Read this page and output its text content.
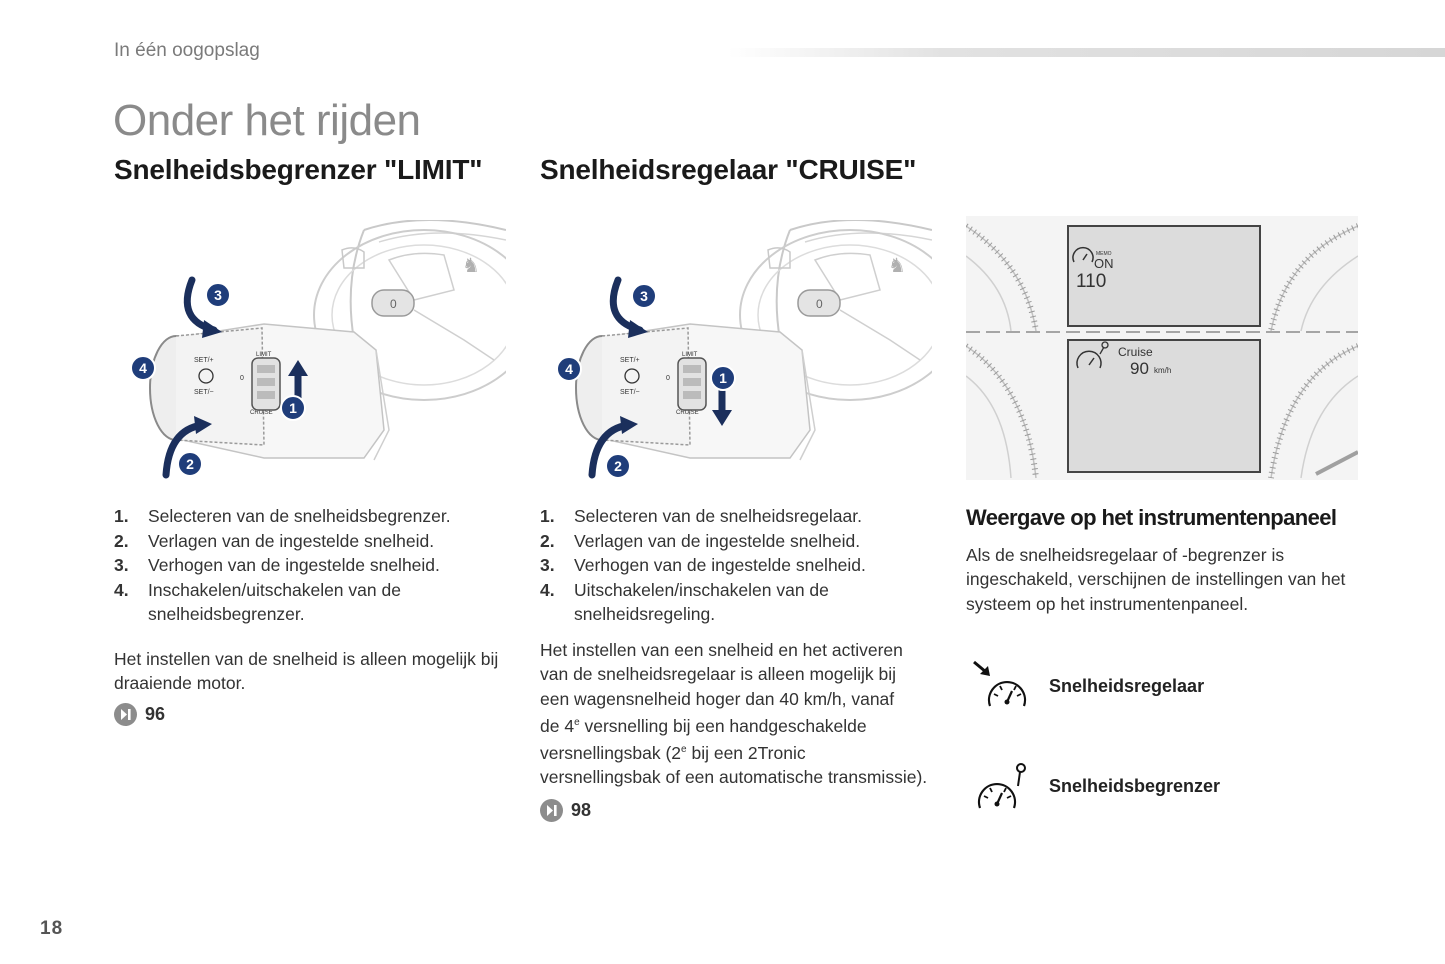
In één oogopslag
Onder het rijden
Snelheidsbegrenzer "LIMIT" Snelheidsregelaar "CRUISE"
♞
0
SET/+
SET/−
0
LIMIT
CRUISE 1
2
3
4
♞
0
SET/+
SET/−
0
LIMIT
CRUISE
1
2
3
4
MEMO
ON
110
Cruise
90 km/h
1. Selecteren van de snelheidsbegrenzer.
2. Verlagen van de ingestelde snelheid.
3. Verhogen van de ingestelde snelheid.
4. Inschakelen/uitschakelen van de snelheidsbegrenzer.

Het instellen van de snelheid is alleen mogelijk bij draaiende motor.

96
1. Selecteren van de snelheidsregelaar.
2. Verlagen van de ingestelde snelheid.
3. Verhogen van de ingestelde snelheid.
4. Uitschakelen/inschakelen van de snelheidsregeling.

Het instellen van een snelheid en het activeren
van de snelheidsregelaar is alleen mogelijk bij
een wagensnelheid hoger dan 40 km/h, vanaf
de 4e versnelling bij een handgeschakelde
versnellingsbak (2e bij een 2Tronic
versnellingsbak of een automatische transmissie).

98
Weergave op het instrumentenpaneel

Als de snelheidsregelaar of -begrenzer is ingeschakeld, verschijnen de instellingen van het systeem op het instrumentenpaneel.

Snelheidsregelaar
Snelheidsbegrenzer
18
